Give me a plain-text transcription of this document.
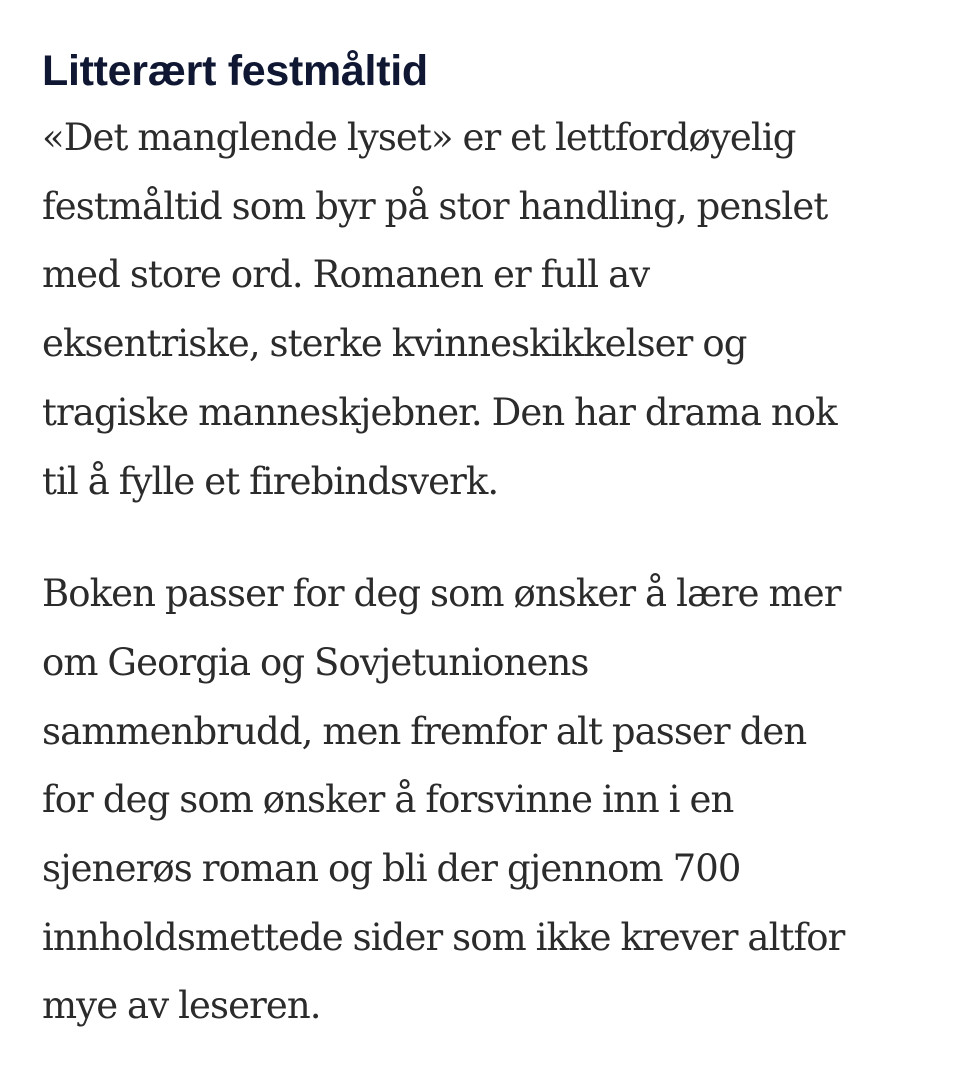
Litterært festmåltid

«Det manglende lyset» er et lettfordøyelig
festmåltid som byr på stor handling, penslet
med store ord. Romanen er full av
eksentriske, sterke kvinneskikkelser og
tragiske manneskjebner. Den har drama nok
til å fylle et firebindsverk.

Boken passer for deg som ønsker å lære mer
om Georgia og Sovjetunionens
sammenbrudd, men fremfor alt passer den
for deg som ønsker å forsvinne inn i en
sjenerøs roman og bli der gjennom 700
innholdsmettede sider som ikke krever altfor
mye av leseren.
